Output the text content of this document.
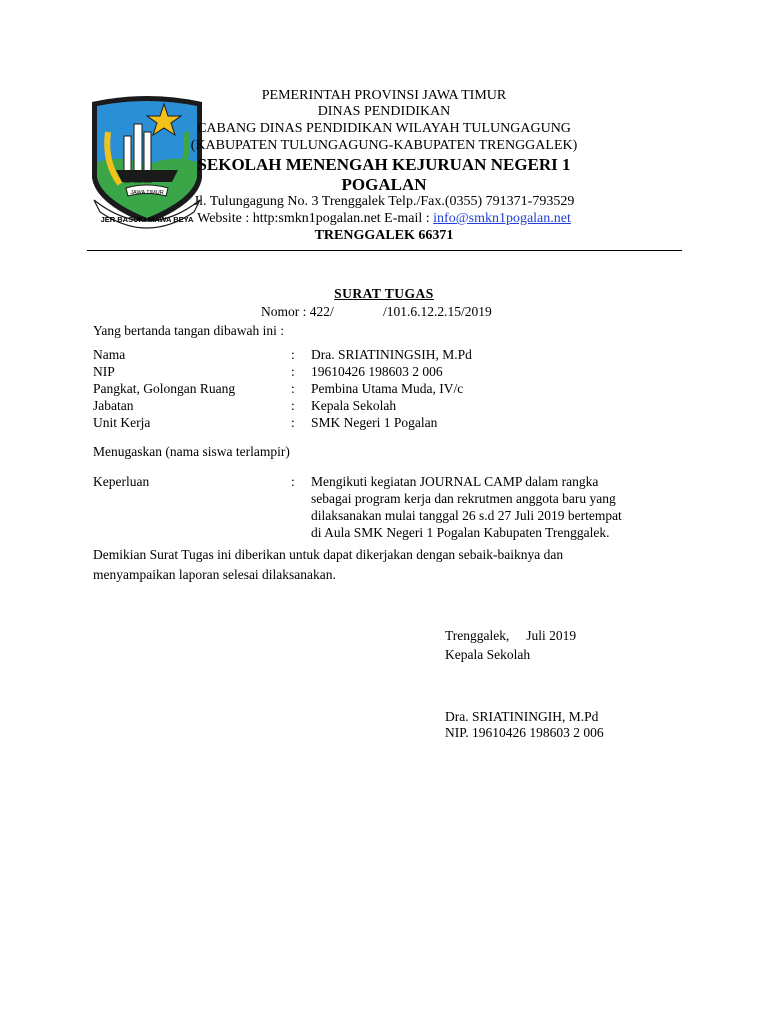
JAWA TIMUR
JER BASUKI MAWA BEYA
PEMERINTAH PROVINSI JAWA TIMUR
DINAS PENDIDIKAN
CABANG DINAS PENDIDIKAN WILAYAH TULUNGAGUNG
(KABUPATEN TULUNGAGUNG-KABUPATEN TRENGGALEK)
SEKOLAH MENENGAH KEJURUAN NEGERI 1
POGALAN
Jl. Tulungagung No. 3 Trenggalek Telp./Fax.(0355) 791371-793529
Website : http:smkn1pogalan.net E-mail : info@smkn1pogalan.net
TRENGGALEK 66371
SURAT TUGAS
Nomor : 422/	/101.6.12.2.15/2019
Yang bertanda tangan dibawah ini :
Nama	: Dra. SRIATININGSIH, M.Pd
NIP	: 19610426 198603 2 006
Pangkat, Golongan Ruang	: Pembina Utama Muda, IV/c
Jabatan	: Kepala Sekolah
Unit Kerja	: SMK Negeri 1 Pogalan
Menugaskan (nama siswa terlampir)
Keperluan	: Mengikuti kegiatan JOURNAL CAMP dalam rangka
sebagai program kerja dan rekrutmen anggota baru yang
dilaksanakan mulai tanggal 26 s.d 27 Juli 2019 bertempat
di Aula SMK Negeri 1 Pogalan Kabupaten Trenggalek.
Demikian Surat Tugas ini diberikan untuk dapat dikerjakan dengan sebaik-baiknya dan
menyampaikan laporan selesai dilaksanakan.
Trenggalek,     Juli 2019
Kepala Sekolah
Dra. SRIATININGIH, M.Pd
NIP. 19610426 198603 2 006
